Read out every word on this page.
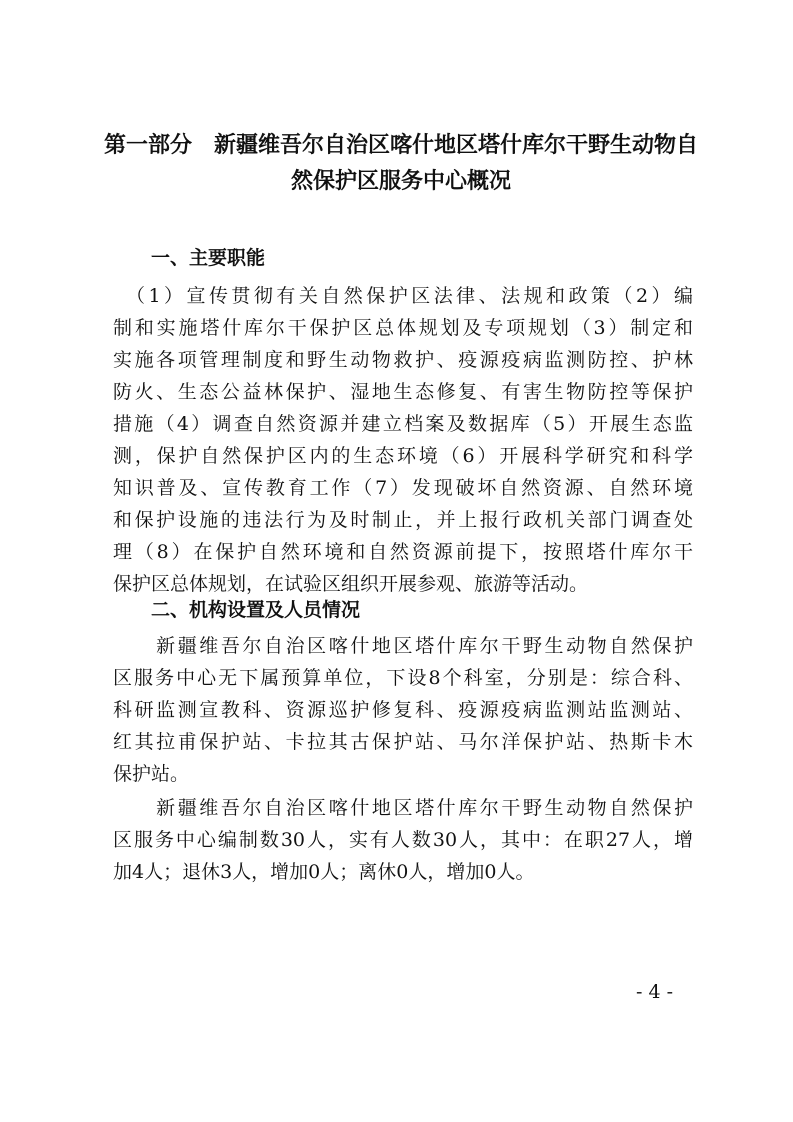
第一部分　新疆维吾尔自治区喀什地区塔什库尔干野生动物自
然保护区服务中心概况
一、主要职能

　（1）宣传贯彻有关自然保护区法律、法规和政策（2）编
制和实施塔什库尔干保护区总体规划及专项规划（3）制定和
实施各项管理制度和野生动物救护、疫源疫病监测防控、护林
防火、生态公益林保护、湿地生态修复、有害生物防控等保护
措施（4）调查自然资源并建立档案及数据库（5）开展生态监
测，保护自然保护区内的生态环境（6）开展科学研究和科学
知识普及、宣传教育工作（7）发现破坏自然资源、自然环境
和保护设施的违法行为及时制止，并上报行政机关部门调查处
理（8）在保护自然环境和自然资源前提下，按照塔什库尔干
保护区总体规划，在试验区组织开展参观、旅游等活动。

二、机构设置及人员情况

　　新疆维吾尔自治区喀什地区塔什库尔干野生动物自然保护
区服务中心无下属预算单位，下设8个科室，分别是：综合科、
科研监测宣教科、资源巡护修复科、疫源疫病监测站监测站、
红其拉甫保护站、卡拉其古保护站、马尔洋保护站、热斯卡木
保护站。

　　新疆维吾尔自治区喀什地区塔什库尔干野生动物自然保护
区服务中心编制数30人，实有人数30人，其中：在职27人，增
加4人；退休3人，增加0人；离休0人，增加0人。

- 4 -
